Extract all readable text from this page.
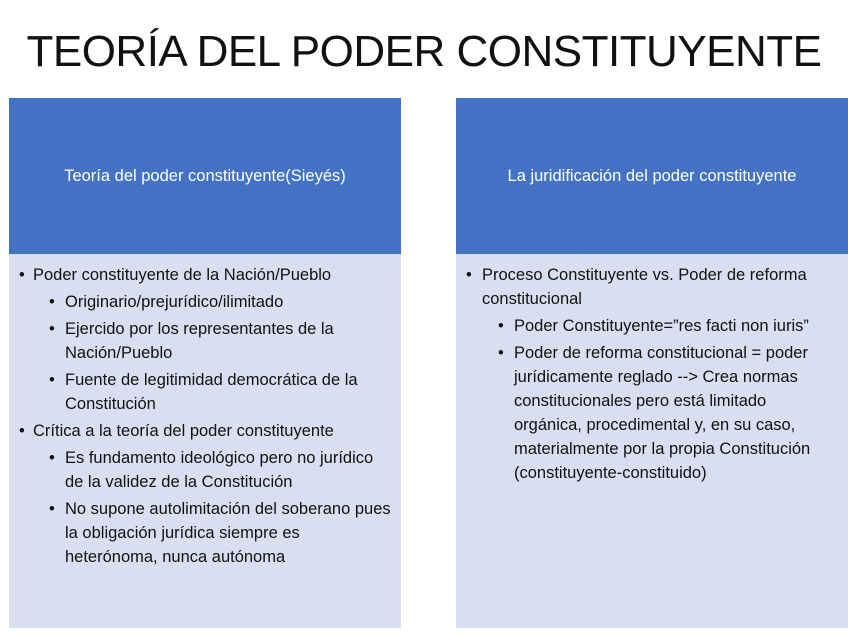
TEORÍA DEL PODER CONSTITUYENTE
Teoría del poder constituyente(Sieyés)
• Poder constituyente de la Nación/Pueblo
• Originario/prejurídico/ilimitado
• Ejercido por los representantes de la Nación/Pueblo
• Fuente de legitimidad democrática de la Constitución
• Crítica a la teoría del poder constituyente
• Es fundamento ideológico pero no jurídico de la validez de la Constitución
• No supone autolimitación del soberano pues la obligación jurídica siempre es heterónoma, nunca autónoma
La juridificación del poder constituyente
• Proceso Constituyente vs. Poder de reforma constitucional
• Poder Constituyente=”res facti non iuris”
• Poder de reforma constitucional = poder jurídicamente reglado --> Crea normas constitucionales pero está limitado orgánica, procedimental y, en su caso, materialmente por la propia Constitución (constituyente-constituido)
